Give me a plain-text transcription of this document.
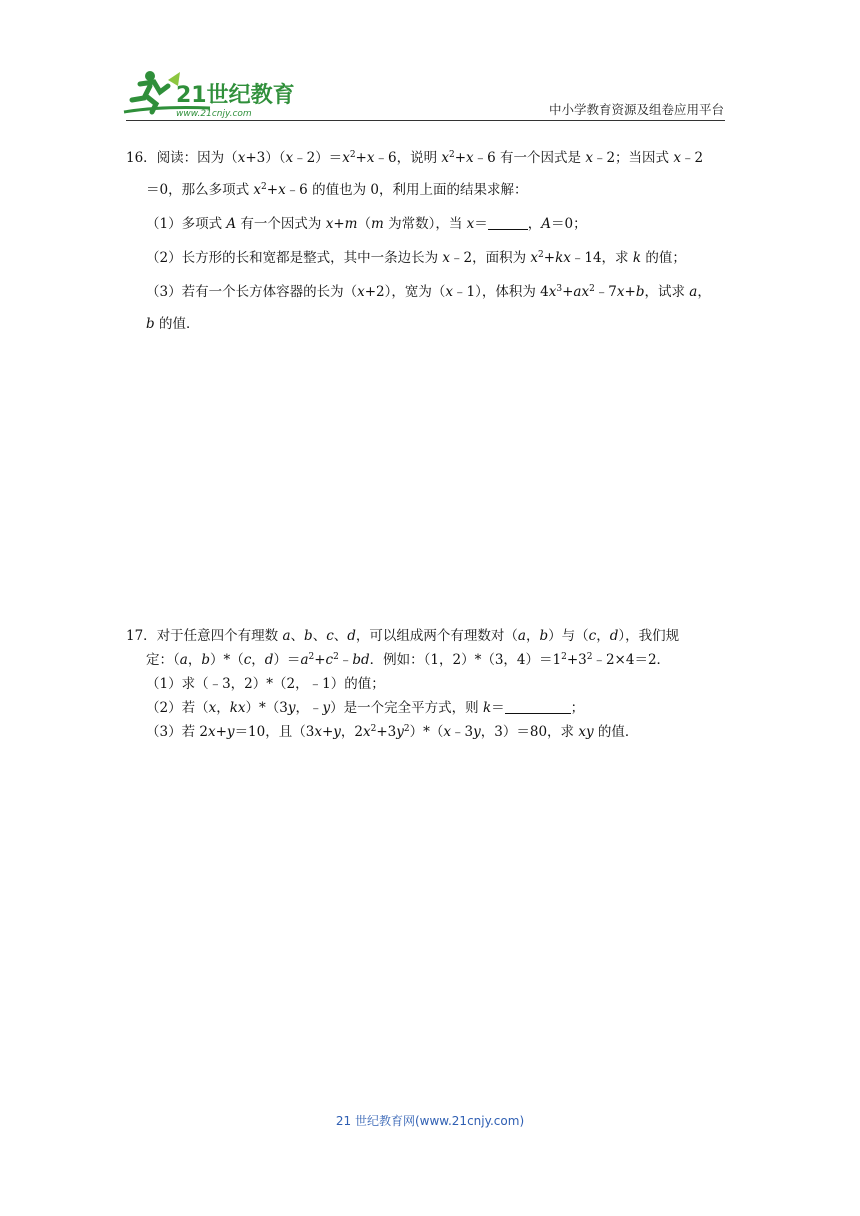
21世纪教育
www.21cnjy.com	中小学教育资源及组卷应用平台
16．阅读：因为$(x+3)(x﹣2)=x^2+x﹣6$，说明 $x^2+x﹣6$ 有一个因式是 x﹣2；当因式 x﹣2
＝0，那么多项式 $x^2+x﹣6$ 的值也为 0，利用上面的结果求解：
（1）多项式 A 有一个因式为 x+m（m 为常数），当 x＝	，A＝0；
（2）长方形的长和宽都是整式，其中一条边长为 x﹣2，面积为 $x^2+kx﹣14$，求 k 的值；
（3）若有一个长方体容器的长为（x+2），宽为（x﹣1），体积为 $4x^3+ax^2﹣7x+b$，试求 a，
b 的值．
17．对于任意四个有理数 a、b、c、d，可以组成两个有理数对（a，b）与（c，d），我们规
定：（a，b）*（c，$d)=a^2+c^2﹣bd$．例如：（1，2）*（3，$4)=1^2+3^2﹣2\times 4=2$．
（1）求（﹣3，2）*（2，﹣1）的值；
（2）若（x，kx）*（3y，﹣y）是一个完全平方式，则 k＝	；
（3）若 2x+y＝10，且（3x+y，$2x^2+3y^2)*(x﹣3y$，3）＝80，求 xy 的值．
21 世纪教育网(www.21cnjy.com)
